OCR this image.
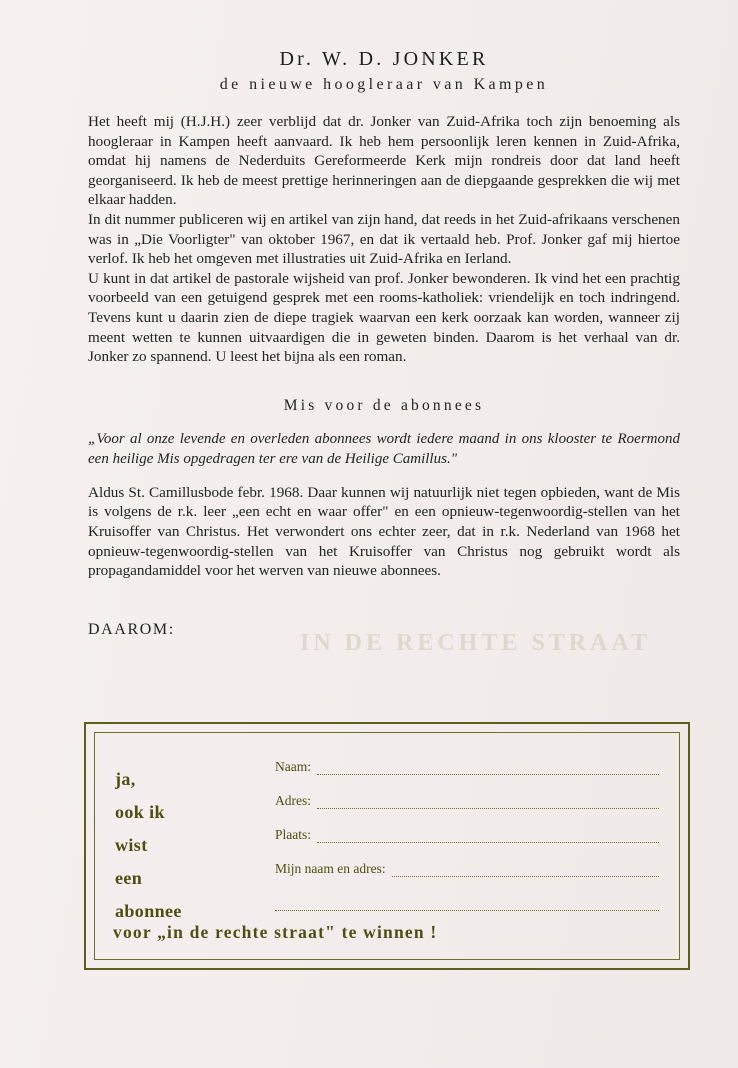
Dr. W. D. JONKER
de nieuwe hoogleraar van Kampen

Het heeft mij (H.J.H.) zeer verblijd dat dr. Jonker van Zuid-Afrika toch zijn benoeming als hoogleraar in Kampen heeft aanvaard. Ik heb hem persoonlijk leren kennen in Zuid-Afrika, omdat hij namens de Nederduits Gereformeerde Kerk mijn rondreis door dat land heeft georganiseerd. Ik heb de meest prettige herinneringen aan de diepgaande gesprekken die wij met elkaar hadden.

In dit nummer publiceren wij en artikel van zijn hand, dat reeds in het Zuid-afrikaans verschenen was in „Die Voorligter" van oktober 1967, en dat ik vertaald heb. Prof. Jonker gaf mij hiertoe verlof. Ik heb het omgeven met illustraties uit Zuid-Afrika en Ierland.

U kunt in dat artikel de pastorale wijsheid van prof. Jonker bewonderen. Ik vind het een prachtig voorbeeld van een getuigend gesprek met een rooms-katholiek: vriendelijk en toch indringend. Tevens kunt u daarin zien de diepe tragiek waarvan een kerk oorzaak kan worden, wanneer zij meent wetten te kunnen uitvaardigen die in geweten binden. Daarom is het verhaal van dr. Jonker zo spannend. U leest het bijna als een roman.

Mis voor de abonnees
„Voor al onze levende en overleden abonnees wordt iedere maand in ons klooster te Roermond een heilige Mis opgedragen ter ere van de Heilige Camillus."

Aldus St. Camillusbode febr. 1968. Daar kunnen wij natuurlijk niet tegen opbieden, want de Mis is volgens de r.k. leer „een echt en waar offer" en een opnieuw-tegenwoordig-stellen van het Kruisoffer van Christus. Het verwondert ons echter zeer, dat in r.k. Nederland van 1968 het opnieuw-tegenwoordig-stellen van het Kruisoffer van Christus nog gebruikt wordt als propagandamiddel voor het werven van nieuwe abonnees.

DAAROM:
IN DE RECHTE STRAAT
ja,
ook ik
wist
een
abonnee
Naam:
Adres:
Plaats:
Mijn naam en adres:
voor „in de rechte straat" te winnen !
